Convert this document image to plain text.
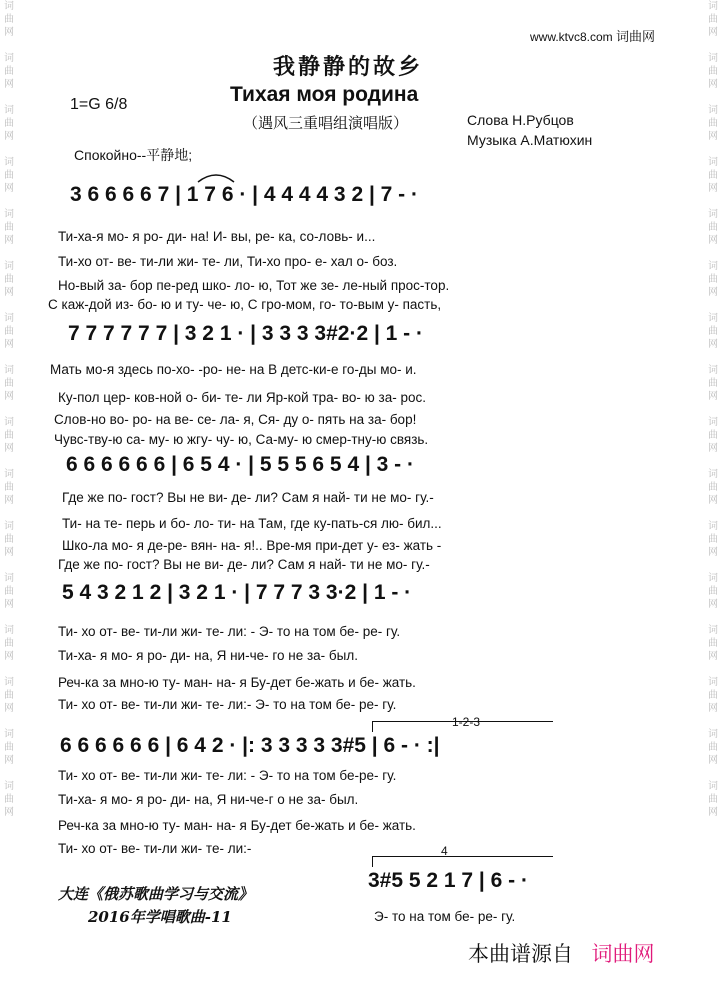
词
曲
网

词
曲
网

词
曲
网

词
曲
网

词
曲
网

词
曲
网

词
曲
网

词
曲
网

词
曲
网

词
曲
网

词
曲
网

词
曲
网

词
曲
网

词
曲
网

词
曲
网

词
曲
网

词
曲
网

词
曲
网

词
曲
网

词
曲
网

词
曲
网

词
曲
网

词
曲
网

词
曲
网

词
曲
网

词
曲
网

词
曲
网

词
曲
网

词
曲
网

词
曲
网

词
曲
网

词
曲
网

www.ktvc8.com 词曲网
我静静的故乡
Тихая моя родина
1=G 6/8
（遇风三重唱组演唱版）	Слова Н.Рубцов
Музыка А.Матюхин
Спокойно--平静地;
3 6 6 6 6 7 | 1 7 6 · | 4 4 4 4 3 2 | 7 - ·
Ти-ха-я мо- я ро- ди- на! И- вы, ре- ка, со-ловь- и...
Ти-хо от- ве- ти-ли жи- те- ли, Ти-хо про- е- хал о- боз.
Но-вый за- бор пе-ред шко- ло- ю, Тот же зе- ле-ный прос-тор.
С каж-дой из- бо- ю и ту- че- ю, С гро-мом, го- то-вым у- пасть,
7 7 7 7 7 7 | 3 2 1 · | 3 3 3 3#2·2 | 1 - ·
Мать мо-я здесь по-хо- -ро- не- на В детс-ки-е го-ды мо- и.
Ку-пол цер- ков-ной о- би- те- ли Яр-кой тра- во- ю за- рос.
Слов-но во- ро- на ве- се- ла- я, Ся- ду о- пять на за- бор!
Чувс-тву-ю са- му- ю жгу- чу- ю, Са-му- ю смер-тну-ю связь.
6 6 6 6 6 6 | 6 5 4 · | 5 5 5 6 5 4 | 3 - ·
Где же по- гост? Вы не ви- де- ли? Сам я най- ти не мо- гу.-
Ти- на те- перь и бо- ло- ти- на Там, где ку-пать-ся лю- бил...
Шко-ла мо- я де-ре- вян- на- я!.. Вре-мя при-дет у- ез- жать -
Где же по- гост? Вы не ви- де- ли? Сам я най- ти не мо- гу.-
5 4 3 2 1 2 | 3 2 1 · | 7 7 7 3 3·2 | 1 - ·
Ти- хо от- ве- ти-ли жи- те- ли: - Э- то на том бе- ре- гу.
Ти-ха- я мо- я ро- ди- на, Я ни-че- го не за- был.
Реч-ка за мно-ю ту- ман- на- я Бу-дет бе-жать и бе- жать.
Ти- хо от- ве- ти-ли жи- те- ли:- Э- то на том бе- ре- гу.
1-2-3
6 6 6 6 6 6 | 6 4 2 · |: 3 3 3 3 3#5 | 6 - · :|
Ти- хо от- ве- ти-ли жи- те- ли: - Э- то на том бе-ре- гу.
Ти-ха- я мо- я ро- ди- на, Я ни-че-г о не за- был.
Реч-ка за мно-ю ту- ман- на- я Бу-дет бе-жать и бе- жать.
Ти- хо от- ве- ти-ли жи- те- ли:-	4
3#5 5 2 1 7 | 6 - ·
Э- то на том бе- ре- гу.
大连《俄苏歌曲学习与交流》
2016年学唱歌曲-11
本曲谱源自 词曲网
